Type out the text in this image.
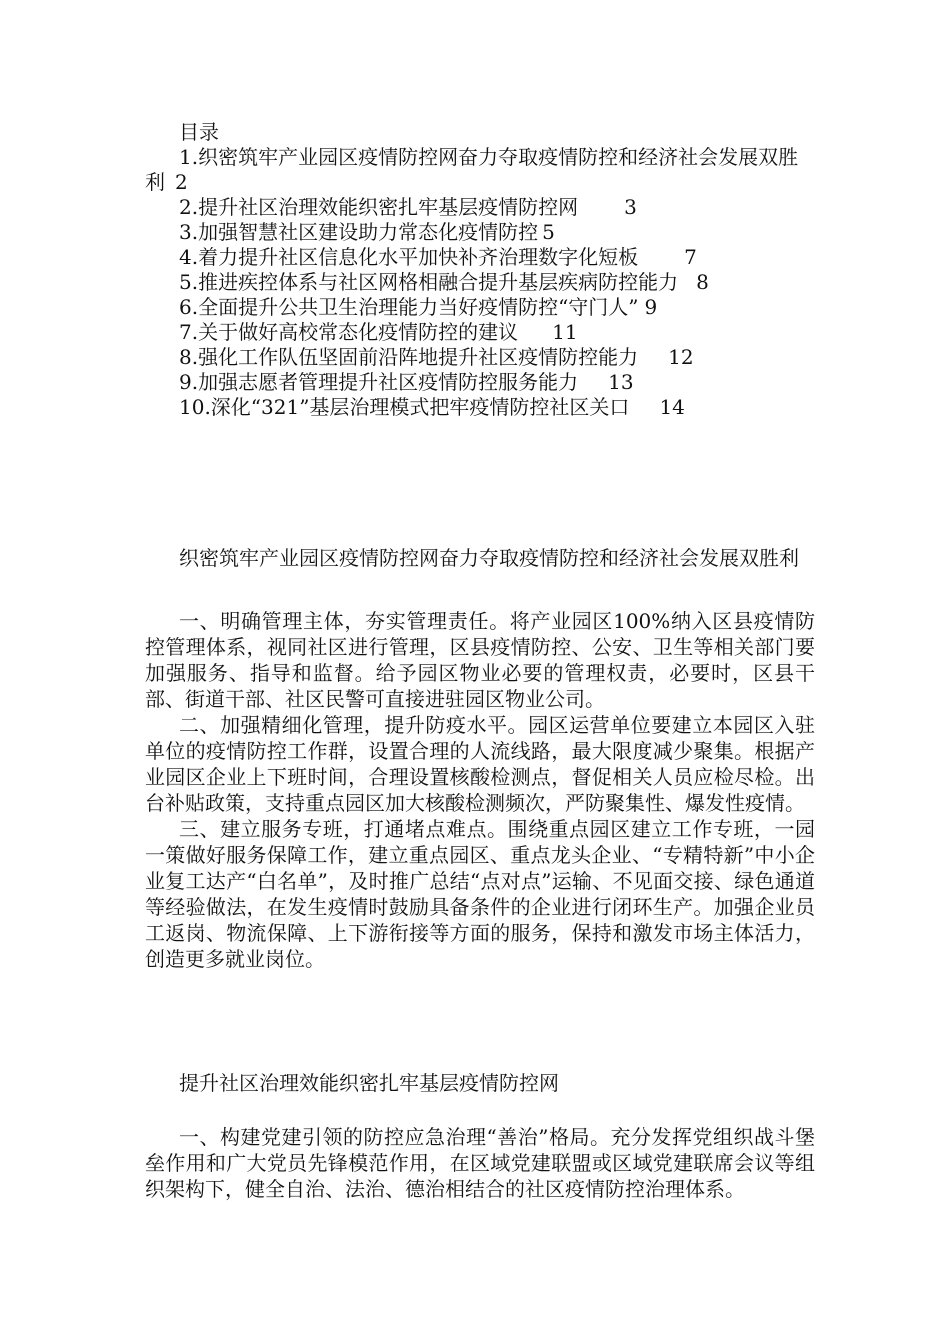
目录
1.织密筑牢产业园区疫情防控网奋力夺取疫情防控和经济社会发展双胜利 2
2.提升社区治理效能织密扎牢基层疫情防控网 3
3.加强智慧社区建设助力常态化疫情防控 5
4.着力提升社区信息化水平加快补齐治理数字化短板 7
5.推进疾控体系与社区网格相融合提升基层疾病防控能力 8
6.全面提升公共卫生治理能力当好疫情防控“守门人” 9
7.关于做好高校常态化疫情防控的建议 11
8.强化工作队伍坚固前沿阵地提升社区疫情防控能力 12
9.加强志愿者管理提升社区疫情防控服务能力 13
10.深化“321”基层治理模式把牢疫情防控社区关口 14
织密筑牢产业园区疫情防控网奋力夺取疫情防控和经济社会发展双胜利

一、明确管理主体，夯实管理责任。将产业园区100%纳入区县疫情防控管理体系，视同社区进行管理，区县疫情防控、公安、卫生等相关部门要加强服务、指导和监督。给予园区物业必要的管理权责，必要时，区县干部、街道干部、社区民警可直接进驻园区物业公司。

二、加强精细化管理，提升防疫水平。园区运营单位要建立本园区入驻单位的疫情防控工作群，设置合理的人流线路，最大限度减少聚集。根据产业园区企业上下班时间，合理设置核酸检测点，督促相关人员应检尽检。出台补贴政策，支持重点园区加大核酸检测频次，严防聚集性、爆发性疫情。

三、建立服务专班，打通堵点难点。围绕重点园区建立工作专班，一园一策做好服务保障工作，建立重点园区、重点龙头企业、“专精特新”中小企业复工达产“白名单”，及时推广总结“点对点”运输、不见面交接、绿色通道等经验做法，在发生疫情时鼓励具备条件的企业进行闭环生产。加强企业员工返岗、物流保障、上下游衔接等方面的服务，保持和激发市场主体活力，创造更多就业岗位。

提升社区治理效能织密扎牢基层疫情防控网

一、构建党建引领的防控应急治理“善治”格局。充分发挥党组织战斗堡垒作用和广大党员先锋模范作用，在区域党建联盟或区域党建联席会议等组织架构下，健全自治、法治、德治相结合的社区疫情防控治理体系。
